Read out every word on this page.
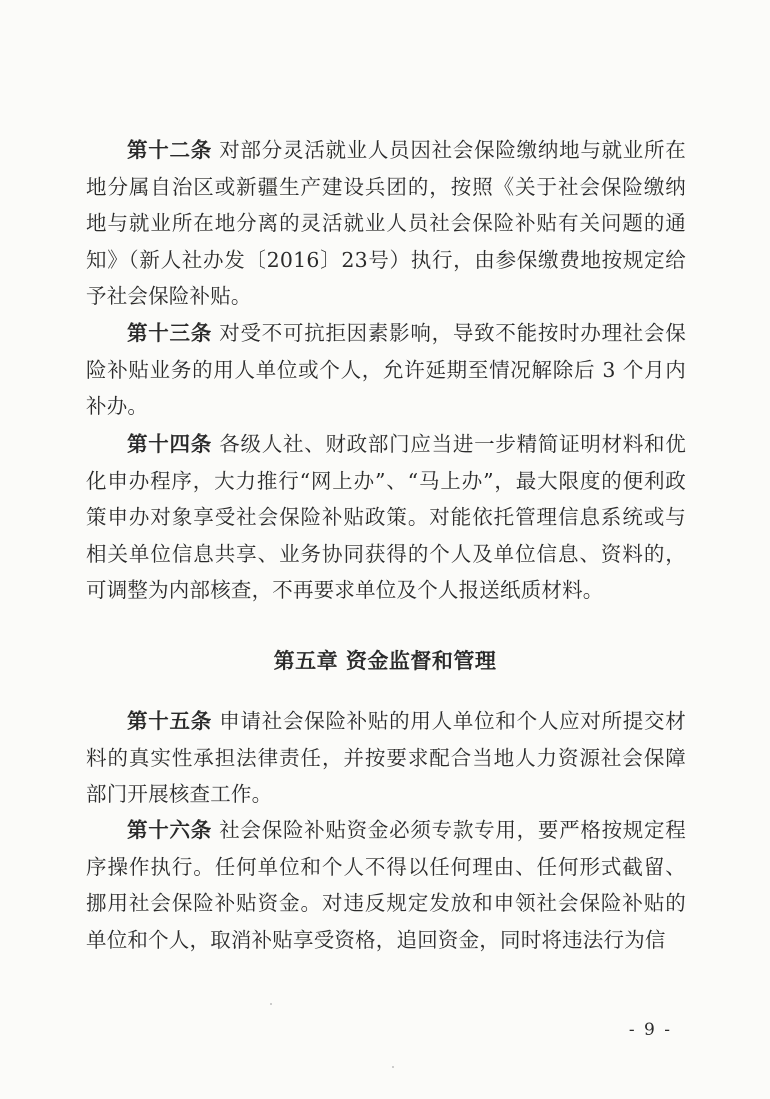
第十二条 对部分灵活就业人员因社会保险缴纳地与就业所在地分属自治区或新疆生产建设兵团的，按照《关于社会保险缴纳地与就业所在地分离的灵活就业人员社会保险补贴有关问题的通知》（新人社办发〔2016〕23号）执行，由参保缴费地按规定给予社会保险补贴。

第十三条 对受不可抗拒因素影响，导致不能按时办理社会保险补贴业务的用人单位或个人，允许延期至情况解除后 3 个月内补办。

第十四条 各级人社、财政部门应当进一步精简证明材料和优化申办程序，大力推行“网上办”、“马上办”，最大限度的便利政策申办对象享受社会保险补贴政策。对能依托管理信息系统或与相关单位信息共享、业务协同获得的个人及单位信息、资料的，可调整为内部核查，不再要求单位及个人报送纸质材料。

第五章 资金监督和管理

第十五条 申请社会保险补贴的用人单位和个人应对所提交材料的真实性承担法律责任，并按要求配合当地人力资源社会保障部门开展核查工作。

第十六条 社会保险补贴资金必须专款专用，要严格按规定程序操作执行。任何单位和个人不得以任何理由、任何形式截留、挪用社会保险补贴资金。对违反规定发放和申领社会保险补贴的单位和个人，取消补贴享受资格，追回资金，同时将违法行为信

- 9 -
